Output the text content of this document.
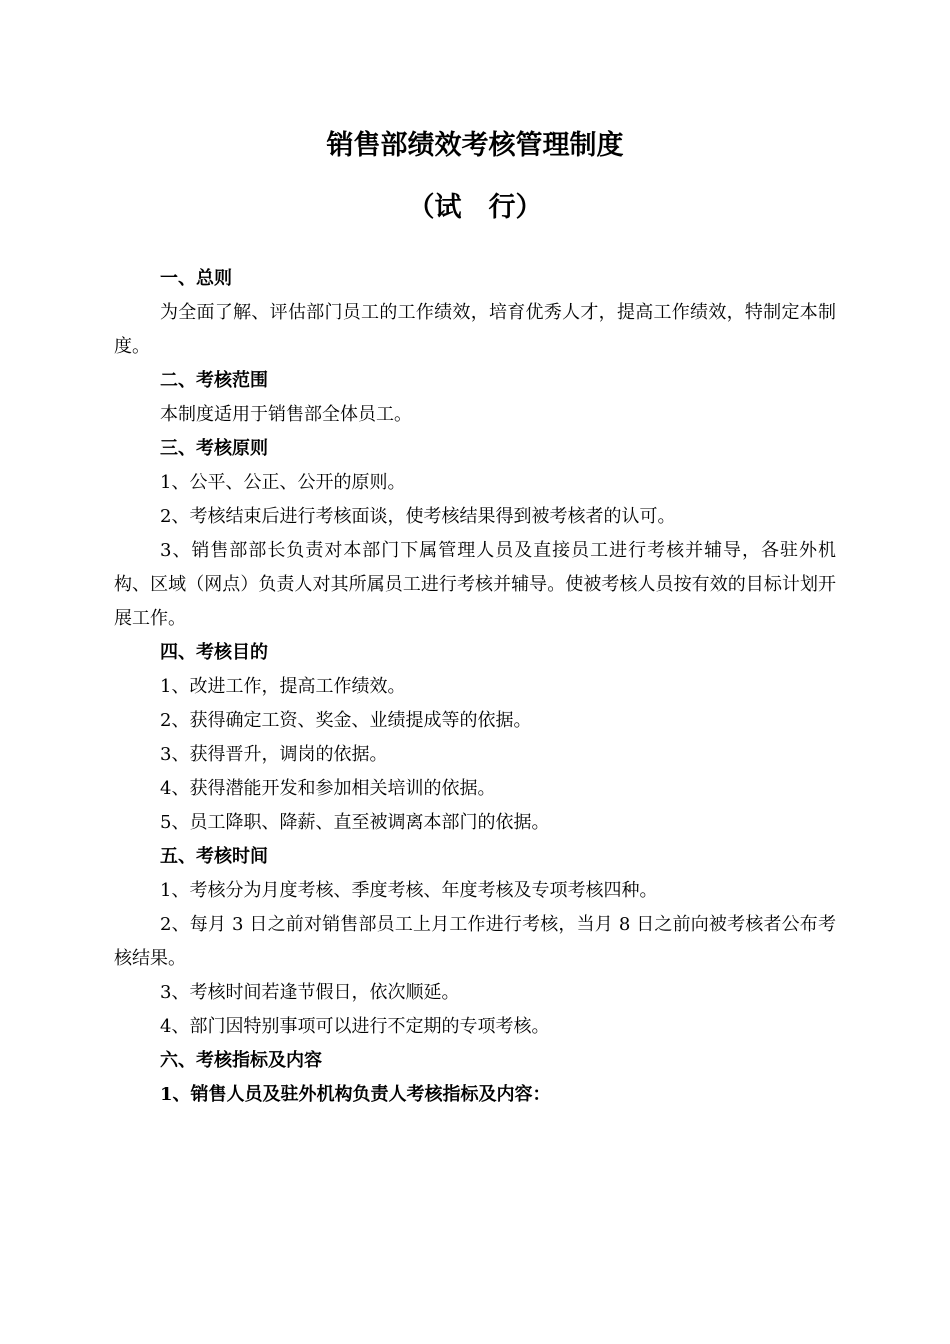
销售部绩效考核管理制度
（试　行）

一、总则

为全面了解、评估部门员工的工作绩效，培育优秀人才，提高工作绩效，特制定本制度。

二、考核范围

本制度适用于销售部全体员工。

三、考核原则

1、公平、公正、公开的原则。

2、考核结束后进行考核面谈，使考核结果得到被考核者的认可。

3、销售部部长负责对本部门下属管理人员及直接员工进行考核并辅导，各驻外机构、区域（网点）负责人对其所属员工进行考核并辅导。使被考核人员按有效的目标计划开展工作。

四、考核目的

1、改进工作，提高工作绩效。

2、获得确定工资、奖金、业绩提成等的依据。

3、获得晋升，调岗的依据。

4、获得潜能开发和参加相关培训的依据。

5、员工降职、降薪、直至被调离本部门的依据。

五、考核时间

1、考核分为月度考核、季度考核、年度考核及专项考核四种。

2、每月 3 日之前对销售部员工上月工作进行考核，当月 8 日之前向被考核者公布考核结果。

3、考核时间若逢节假日，依次顺延。

4、部门因特别事项可以进行不定期的专项考核。

六、考核指标及内容

1、销售人员及驻外机构负责人考核指标及内容：
